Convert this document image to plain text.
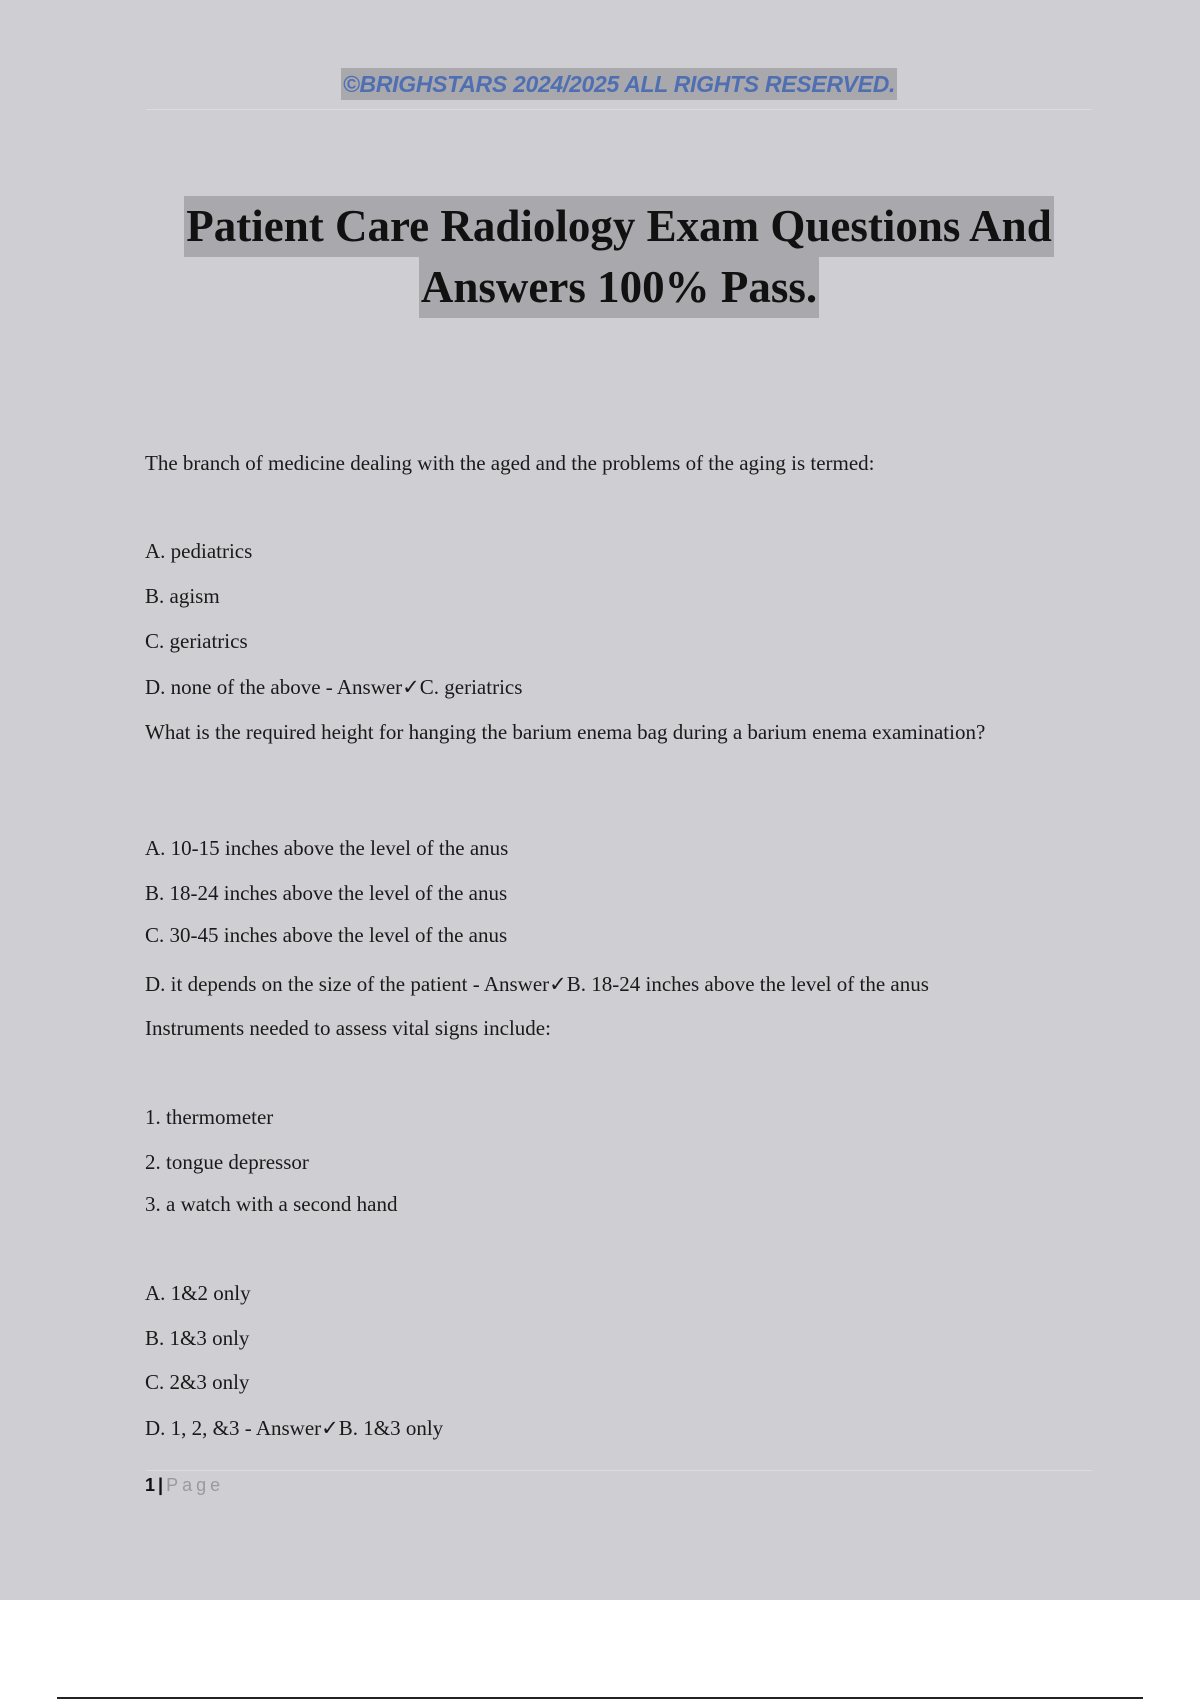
©BRIGHSTARS 2024/2025 ALL RIGHTS RESERVED.
Patient Care Radiology Exam Questions And
Answers 100% Pass.
The branch of medicine dealing with the aged and the problems of the aging is termed:
A. pediatrics
B. agism
C. geriatrics
D. none of the above - Answer✓C. geriatrics
What is the required height for hanging the barium enema bag during a barium enema examination?
A. 10-15 inches above the level of the anus
B. 18-24 inches above the level of the anus
C. 30-45 inches above the level of the anus
D. it depends on the size of the patient - Answer✓B. 18-24 inches above the level of the anus
Instruments needed to assess vital signs include:
1. thermometer
2. tongue depressor
3. a watch with a second hand
A. 1&2 only
B. 1&3 only
C. 2&3 only
D. 1, 2, &3 - Answer✓B. 1&3 only
1 | Page
